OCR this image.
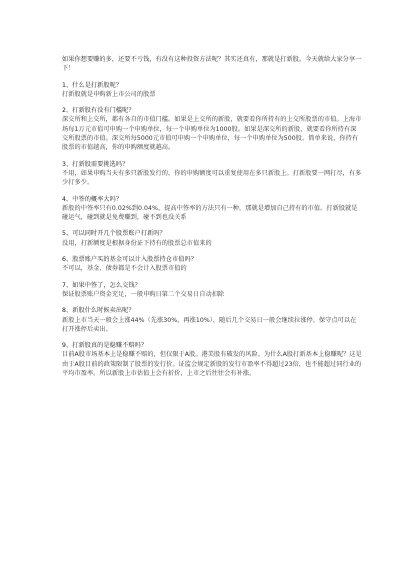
如果你想要赚的多，还要不亏钱，有没有这种投资方法呢？其实还真有，那就是打新股。今天就给大家分享一下！

1、什么是打新股呢？

打新股就是申购新上市公司的股票

2、打新股有没有门槛呢？

深交所和上交所，都有各自的市值门槛。如果是上交所的新股，就要看你所持有的上交所股票的市值。上海市场每1万元市值可申购一个申购单位，每一个申购单位为1000股。如果是深交所的新股，就要看你所持有深交所股票的市值。深交所每5000元市值可申购一个申购单位，每一个申购单位为500股。简单来说，你持有股票的市值越高，你的申购额度就越高。

3、打新股需要挑选吗？

不用，如果申购当天有多只新股发行的，你的申购额度可以重复使用在多只新股上。打新股要一网打尽，有多少打多少。

4、中签的概率大吗？

新股的中签率只有0.02%到0.04%，提高中签率的方法只有一种，那就是增加自己持有的市值。打新股就是碰运气，碰到就是免费赚到，碰不到也没关系

5、可以同时开几个股票账户打新吗？

没用，打新额度是根据身份证下持有的股票总市值来的

6、股票账户买的基金可以计入股票持仓市值吗？

不可以，基金、债券都是不会计入股票市值的

7、如果中签了，怎么交钱？

保证股票账户资金充足，一般申购日第二个交易日自动扣除

8、新股什么时候卖出呢？

新股上市当天一般会上涨44%（先涨30%，再涨10%），随后几个交易日一般会继续拉涨停。保守点可以在打开涨停后卖出。

9、打新股真的是稳赚不赔吗？

目前A股市场基本上是稳赚不赔的，但仅限于A股。港美股有破发的风险。为什么A股打新基本上稳赚呢？这是由于A股目前的政策限制了股票的发行价。证监会规定新股的发行市盈率不得超过23倍，也不能超过同行业的平均市盈率。所以新股上市估值上会有折价，上市之后往往会有补涨。
